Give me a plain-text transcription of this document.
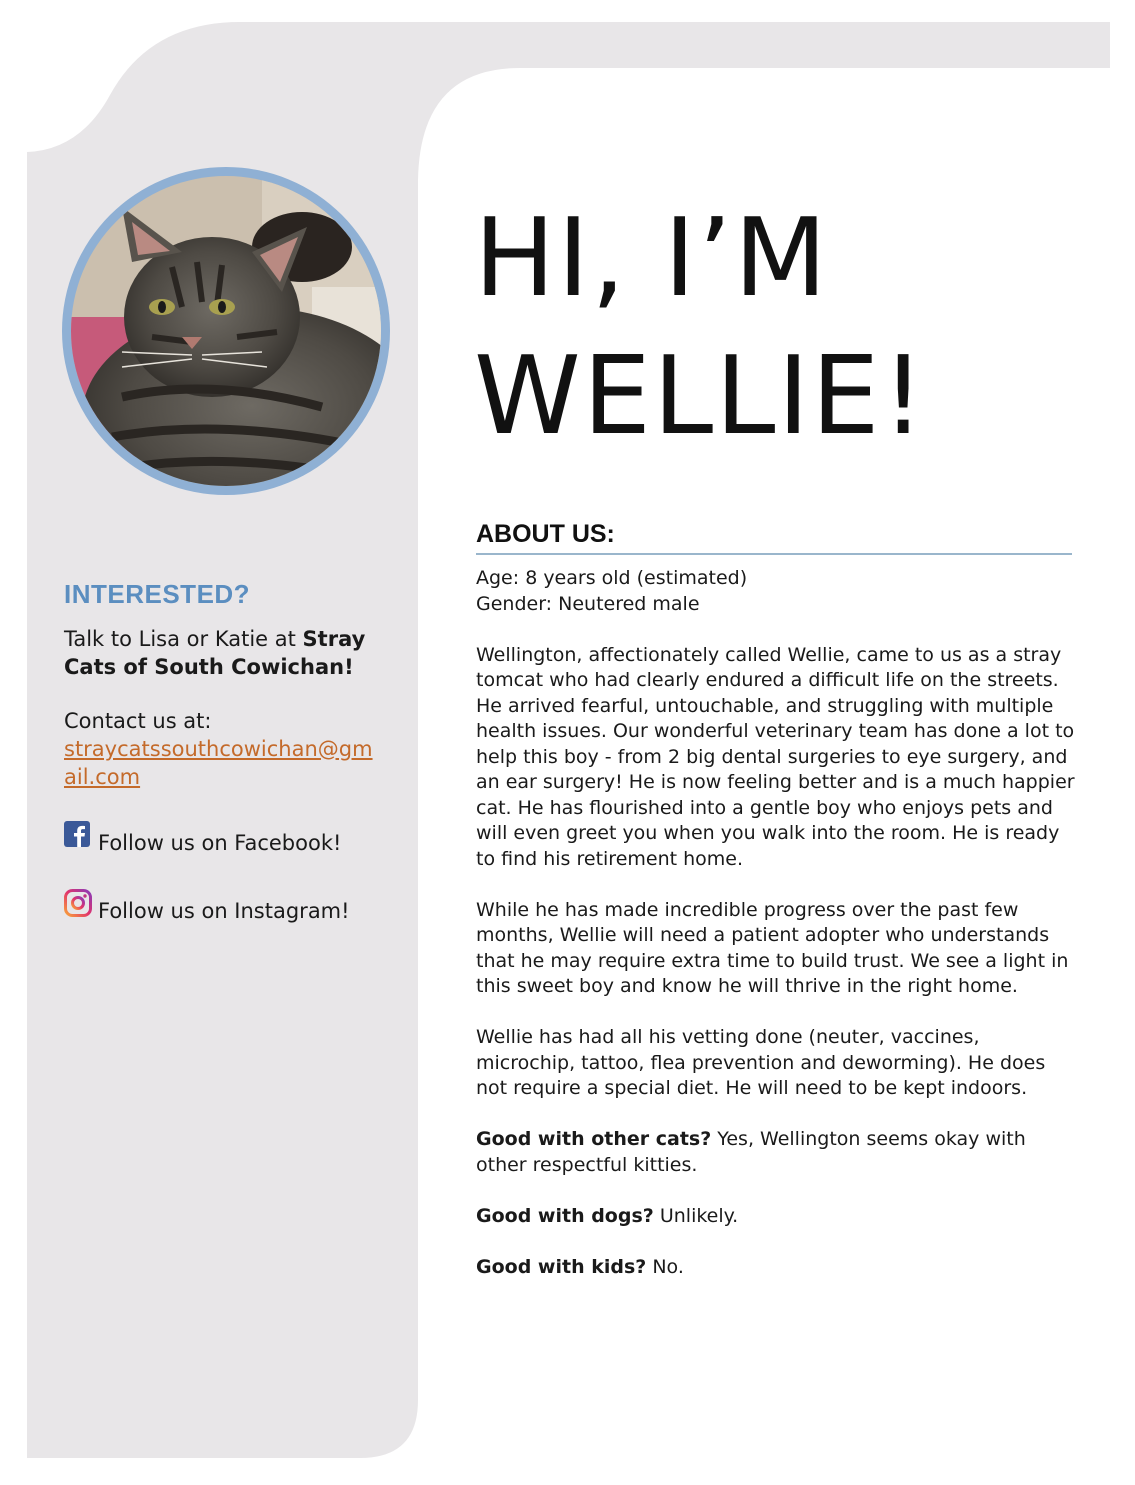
INTERESTED?

Talk to Lisa or Katie at Stray Cats of South Cowichan!

Contact us at:

straycatssouthcowichan@gmail.com
Follow us on Facebook!
Follow us on Instagram!
HI, I’M
WELLIE!
ABOUT US:

Age: 8 years old (estimated)

Gender: Neutered male

Wellington, affectionately called Wellie, came to us as a stray tomcat who had clearly endured a difficult life on the streets. He arrived fearful, untouchable, and struggling with multiple health issues. Our wonderful veterinary team has done a lot to help this boy - from 2 big dental surgeries to eye surgery, and an ear surgery! He is now feeling better and is a much happier cat. He has flourished into a gentle boy who enjoys pets and will even greet you when you walk into the room. He is ready to find his retirement home.

While he has made incredible progress over the past few months, Wellie will need a patient adopter who understands that he may require extra time to build trust. We see a light in this sweet boy and know he will thrive in the right home.

Wellie has had all his vetting done (neuter, vaccines, microchip, tattoo, flea prevention and deworming). He does not require a special diet. He will need to be kept indoors.

Good with other cats? Yes, Wellington seems okay with other respectful kitties.

Good with dogs? Unlikely.

Good with kids? No.
